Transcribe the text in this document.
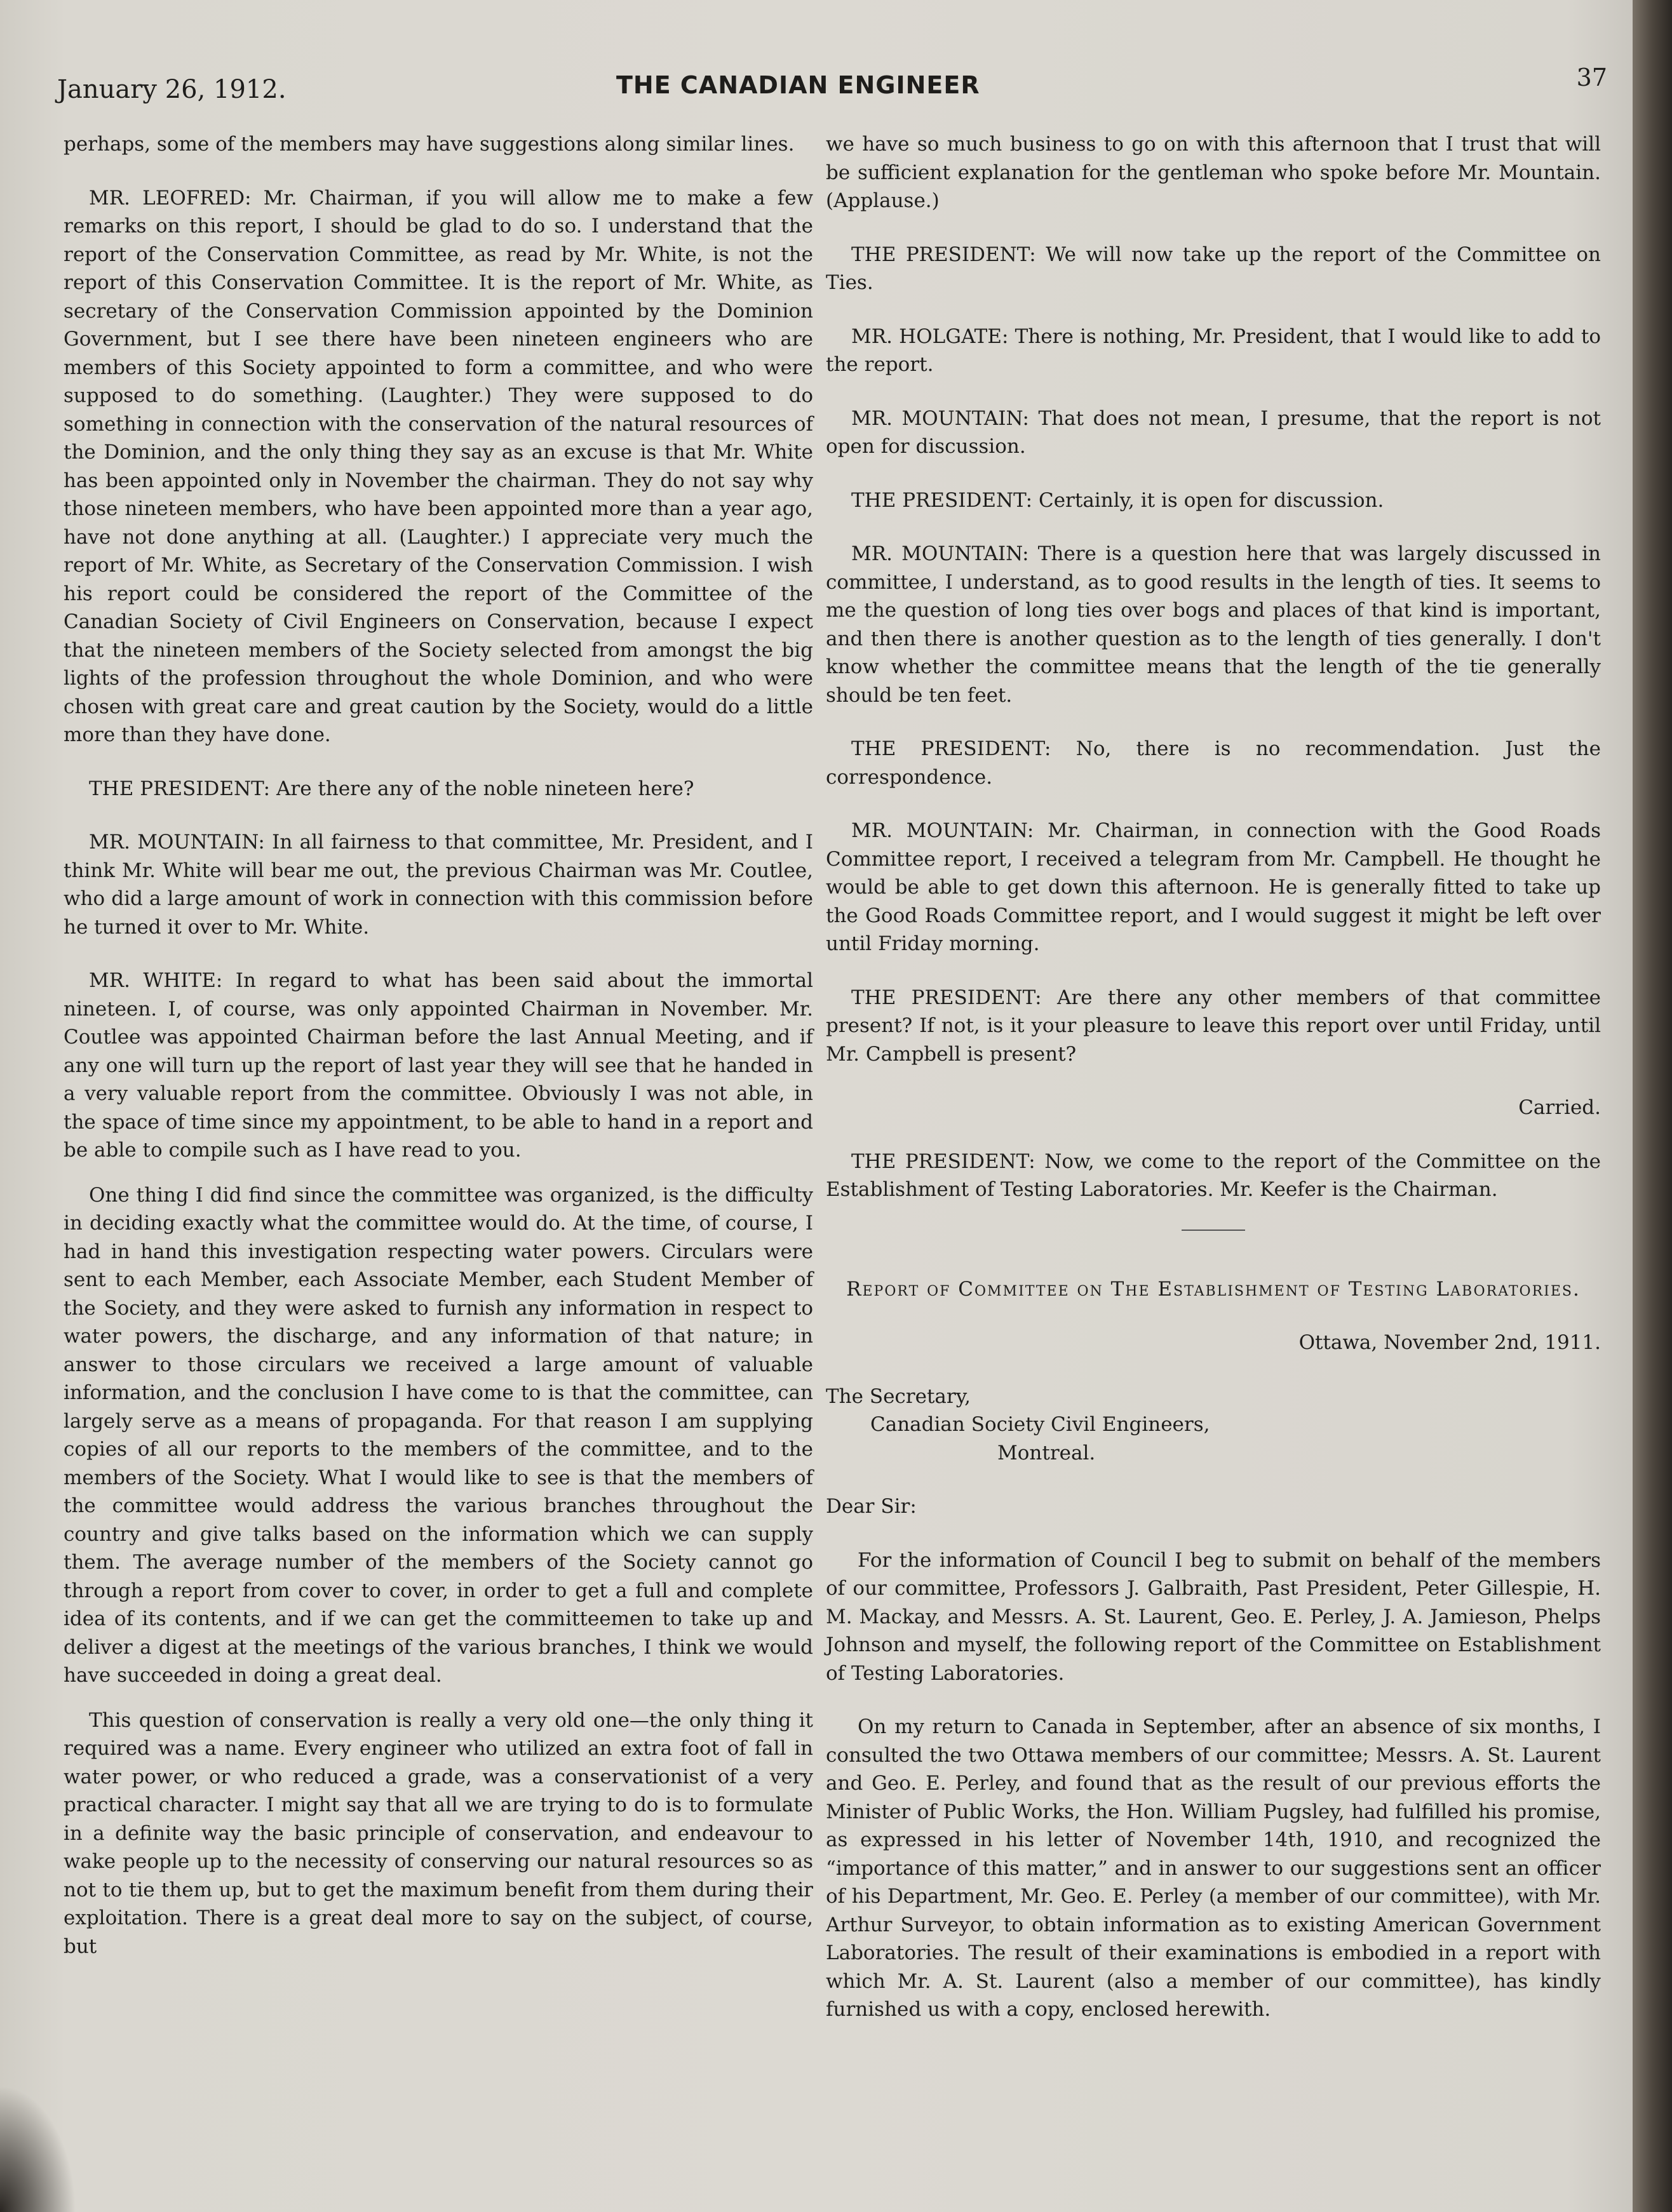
January 26, 1912.	THE CANADIAN ENGINEER	37

perhaps, some of the members may have suggestions along similar lines.

MR. LEOFRED: Mr. Chairman, if you will allow me to make a few remarks on this report, I should be glad to do so. I understand that the report of the Conservation Committee, as read by Mr. White, is not the report of this Conservation Committee. It is the report of Mr. White, as secretary of the Conservation Commission appointed by the Dominion Government, but I see there have been nineteen engineers who are members of this Society appointed to form a committee, and who were supposed to do something. (Laughter.) They were supposed to do something in connection with the conservation of the natural resources of the Dominion, and the only thing they say as an excuse is that Mr. White has been appointed only in November the chairman. They do not say why those nineteen members, who have been appointed more than a year ago, have not done anything at all. (Laughter.) I appreciate very much the report of Mr. White, as Secretary of the Conservation Commission. I wish his report could be considered the report of the Committee of the Canadian Society of Civil Engineers on Conservation, because I expect that the nineteen members of the Society selected from amongst the big lights of the profession throughout the whole Dominion, and who were chosen with great care and great caution by the Society, would do a little more than they have done.

THE PRESIDENT: Are there any of the noble nineteen here?

MR. MOUNTAIN: In all fairness to that committee, Mr. President, and I think Mr. White will bear me out, the previous Chairman was Mr. Coutlee, who did a large amount of work in connection with this commission before he turned it over to Mr. White.

MR. WHITE: In regard to what has been said about the immortal nineteen. I, of course, was only appointed Chairman in November. Mr. Coutlee was appointed Chairman before the last Annual Meeting, and if any one will turn up the report of last year they will see that he handed in a very valuable report from the committee. Obviously I was not able, in the space of time since my appointment, to be able to hand in a report and be able to compile such as I have read to you.

One thing I did find since the committee was organized, is the difficulty in deciding exactly what the committee would do. At the time, of course, I had in hand this investigation respecting water powers. Circulars were sent to each Member, each Associate Member, each Student Member of the Society, and they were asked to furnish any information in respect to water powers, the discharge, and any information of that nature; in answer to those circulars we received a large amount of valuable information, and the conclusion I have come to is that the committee, can largely serve as a means of propaganda. For that reason I am supplying copies of all our reports to the members of the committee, and to the members of the Society. What I would like to see is that the members of the committee would address the various branches throughout the country and give talks based on the information which we can supply them. The average number of the members of the Society cannot go through a report from cover to cover, in order to get a full and complete idea of its contents, and if we can get the committeemen to take up and deliver a digest at the meetings of the various branches, I think we would have succeeded in doing a great deal.

This question of conservation is really a very old one—the only thing it required was a name. Every engineer who utilized an extra foot of fall in water power, or who reduced a grade, was a conservationist of a very practical character. I might say that all we are trying to do is to formulate in a definite way the basic principle of conservation, and endeavour to wake people up to the necessity of conserving our natural resources so as not to tie them up, but to get the maximum benefit from them during their exploitation. There is a great deal more to say on the subject, of course, but

we have so much business to go on with this afternoon that I trust that will be sufficient explanation for the gentleman who spoke before Mr. Mountain. (Applause.)

THE PRESIDENT: We will now take up the report of the Committee on Ties.

MR. HOLGATE: There is nothing, Mr. President, that I would like to add to the report.

MR. MOUNTAIN: That does not mean, I presume, that the report is not open for discussion.

THE PRESIDENT: Certainly, it is open for discussion.

MR. MOUNTAIN: There is a question here that was largely discussed in committee, I understand, as to good results in the length of ties. It seems to me the question of long ties over bogs and places of that kind is important, and then there is another question as to the length of ties generally. I don't know whether the committee means that the length of the tie generally should be ten feet.

THE PRESIDENT: No, there is no recommendation. Just the correspondence.

MR. MOUNTAIN: Mr. Chairman, in connection with the Good Roads Committee report, I received a telegram from Mr. Campbell. He thought he would be able to get down this afternoon. He is generally fitted to take up the Good Roads Committee report, and I would suggest it might be left over until Friday morning.

THE PRESIDENT: Are there any other members of that committee present? If not, is it your pleasure to leave this report over until Friday, until Mr. Campbell is present?

Carried.

THE PRESIDENT: Now, we come to the report of the Committee on the Establishment of Testing Laboratories. Mr. Keefer is the Chairman.

Report of Committee on The Establishment of Testing Laboratories.

Ottawa, November 2nd, 1911.

The Secretary,
Canadian Society Civil Engineers,
Montreal.

Dear Sir:

For the information of Council I beg to submit on behalf of the members of our committee, Professors J. Galbraith, Past President, Peter Gillespie, H. M. Mackay, and Messrs. A. St. Laurent, Geo. E. Perley, J. A. Jamieson, Phelps Johnson and myself, the following report of the Committee on Establishment of Testing Laboratories.

On my return to Canada in September, after an absence of six months, I consulted the two Ottawa members of our committee; Messrs. A. St. Laurent and Geo. E. Perley, and found that as the result of our previous efforts the Minister of Public Works, the Hon. William Pugsley, had fulfilled his promise, as expressed in his letter of November 14th, 1910, and recognized the “importance of this matter,” and in answer to our suggestions sent an officer of his Department, Mr. Geo. E. Perley (a member of our committee), with Mr. Arthur Surveyor, to obtain information as to existing American Government Laboratories. The result of their examinations is embodied in a report with which Mr. A. St. Laurent (also a member of our committee), has kindly furnished us with a copy, enclosed herewith.
